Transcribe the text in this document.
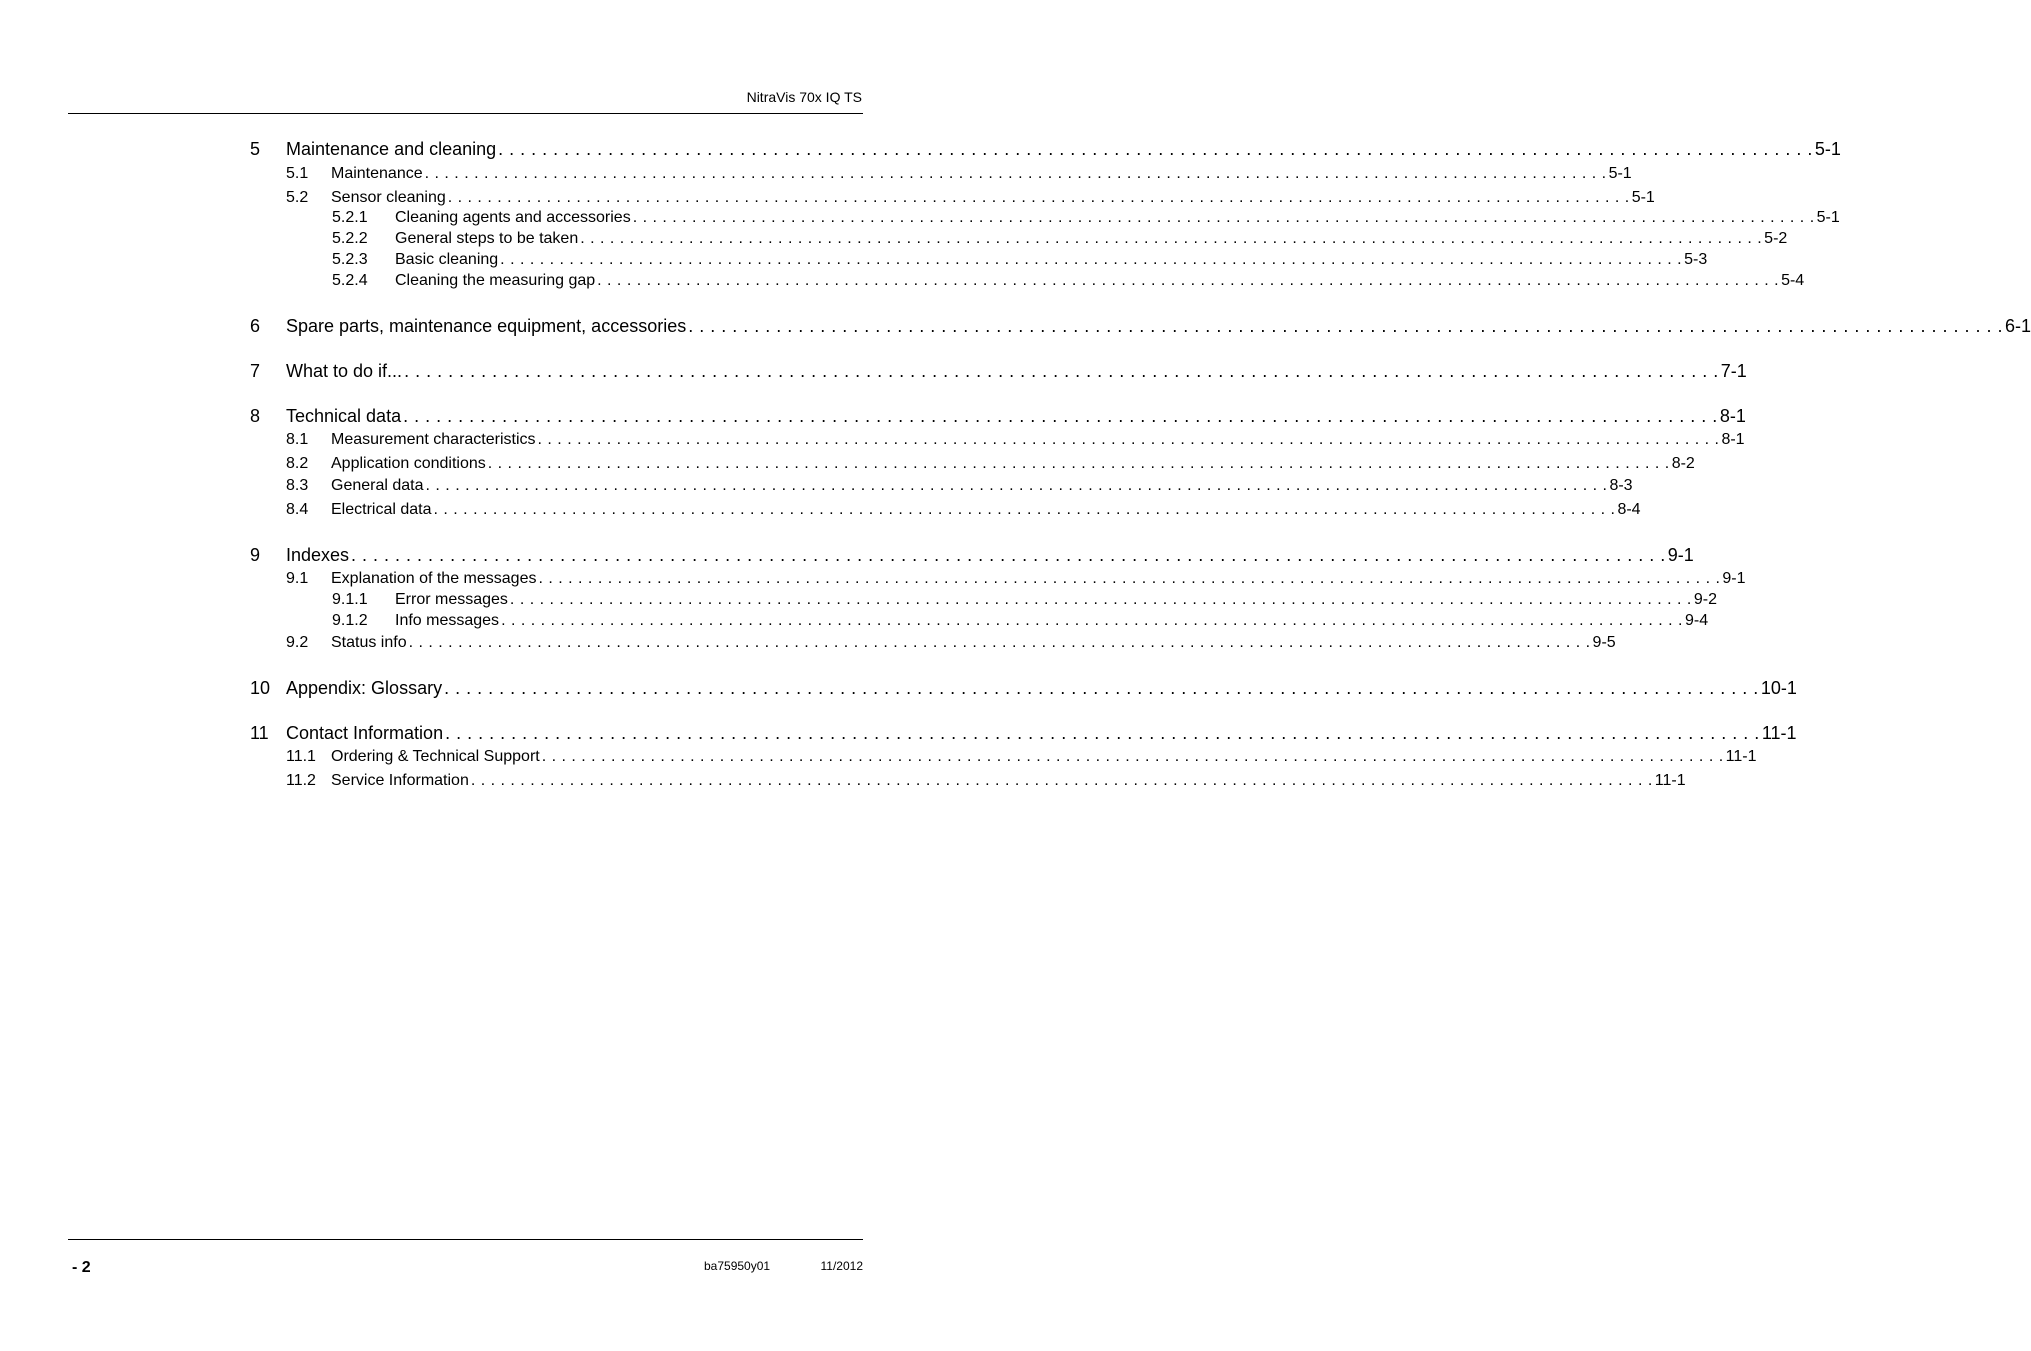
NitraVis 70x IQ TS
5	Maintenance and cleaning . . . . . . . . . . . . . . . . . . . . . . . . . . . . . . . . . . . . . . . . . . . . . . . . . . . . . . . . . . . . . . . . . . . . . . . . . . . . . . . . . . . . . . . . . . . . . . . . . . . . . . . . . . . . . . . . . . . . . . . . 5-1
5.1	Maintenance . . . . . . . . . . . . . . . . . . . . . . . . . . . . . . . . . . . . . . . . . . . . . . . . . . . . . . . . . . . . . . . . . . . . . . . . . . . . . . . . . . . . . . . . . . . . . . . . . . . . . . . . . . . . . . . . . . . . . . . . 5-1
5.2	Sensor cleaning . . . . . . . . . . . . . . . . . . . . . . . . . . . . . . . . . . . . . . . . . . . . . . . . . . . . . . . . . . . . . . . . . . . . . . . . . . . . . . . . . . . . . . . . . . . . . . . . . . . . . . . . . . . . . . . . . . . . . . . . 5-1
5.2.1	Cleaning agents and accessories . . . . . . . . . . . . . . . . . . . . . . . . . . . . . . . . . . . . . . . . . . . . . . . . . . . . . . . . . . . . . . . . . . . . . . . . . . . . . . . . . . . . . . . . . . . . . . . . . . . . . . . . . . . . . . . . . . . . . . . . 5-1
5.2.2	General steps to be taken . . . . . . . . . . . . . . . . . . . . . . . . . . . . . . . . . . . . . . . . . . . . . . . . . . . . . . . . . . . . . . . . . . . . . . . . . . . . . . . . . . . . . . . . . . . . . . . . . . . . . . . . . . . . . . . . . . . . . . . . 5-2
5.2.3	Basic cleaning . . . . . . . . . . . . . . . . . . . . . . . . . . . . . . . . . . . . . . . . . . . . . . . . . . . . . . . . . . . . . . . . . . . . . . . . . . . . . . . . . . . . . . . . . . . . . . . . . . . . . . . . . . . . . . . . . . . . . . . . 5-3
5.2.4	Cleaning the measuring gap . . . . . . . . . . . . . . . . . . . . . . . . . . . . . . . . . . . . . . . . . . . . . . . . . . . . . . . . . . . . . . . . . . . . . . . . . . . . . . . . . . . . . . . . . . . . . . . . . . . . . . . . . . . . . . . . . . . . . . . . 5-4
6	Spare parts, maintenance equipment, accessories . . . . . . . . . . . . . . . . . . . . . . . . . . . . . . . . . . . . . . . . . . . . . . . . . . . . . . . . . . . . . . . . . . . . . . . . . . . . . . . . . . . . . . . . . . . . . . . . . . . . . . . . . . . . . . . . . . . . . . . . 6-1
7	What to do if... . . . . . . . . . . . . . . . . . . . . . . . . . . . . . . . . . . . . . . . . . . . . . . . . . . . . . . . . . . . . . . . . . . . . . . . . . . . . . . . . . . . . . . . . . . . . . . . . . . . . . . . . . . . . . . . . . . . . . . . . 7-1
8	Technical data . . . . . . . . . . . . . . . . . . . . . . . . . . . . . . . . . . . . . . . . . . . . . . . . . . . . . . . . . . . . . . . . . . . . . . . . . . . . . . . . . . . . . . . . . . . . . . . . . . . . . . . . . . . . . . . . . . . . . . . . 8-1
8.1	Measurement characteristics . . . . . . . . . . . . . . . . . . . . . . . . . . . . . . . . . . . . . . . . . . . . . . . . . . . . . . . . . . . . . . . . . . . . . . . . . . . . . . . . . . . . . . . . . . . . . . . . . . . . . . . . . . . . . . . . . . . . . . . . 8-1
8.2	Application conditions . . . . . . . . . . . . . . . . . . . . . . . . . . . . . . . . . . . . . . . . . . . . . . . . . . . . . . . . . . . . . . . . . . . . . . . . . . . . . . . . . . . . . . . . . . . . . . . . . . . . . . . . . . . . . . . . . . . . . . . . 8-2
8.3	General data . . . . . . . . . . . . . . . . . . . . . . . . . . . . . . . . . . . . . . . . . . . . . . . . . . . . . . . . . . . . . . . . . . . . . . . . . . . . . . . . . . . . . . . . . . . . . . . . . . . . . . . . . . . . . . . . . . . . . . . . 8-3
8.4	Electrical data . . . . . . . . . . . . . . . . . . . . . . . . . . . . . . . . . . . . . . . . . . . . . . . . . . . . . . . . . . . . . . . . . . . . . . . . . . . . . . . . . . . . . . . . . . . . . . . . . . . . . . . . . . . . . . . . . . . . . . . . 8-4
9	Indexes . . . . . . . . . . . . . . . . . . . . . . . . . . . . . . . . . . . . . . . . . . . . . . . . . . . . . . . . . . . . . . . . . . . . . . . . . . . . . . . . . . . . . . . . . . . . . . . . . . . . . . . . . . . . . . . . . . . . . . . . 9-1
9.1	Explanation of the messages . . . . . . . . . . . . . . . . . . . . . . . . . . . . . . . . . . . . . . . . . . . . . . . . . . . . . . . . . . . . . . . . . . . . . . . . . . . . . . . . . . . . . . . . . . . . . . . . . . . . . . . . . . . . . . . . . . . . . . . . 9-1
9.1.1	Error messages . . . . . . . . . . . . . . . . . . . . . . . . . . . . . . . . . . . . . . . . . . . . . . . . . . . . . . . . . . . . . . . . . . . . . . . . . . . . . . . . . . . . . . . . . . . . . . . . . . . . . . . . . . . . . . . . . . . . . . . . 9-2
9.1.2	Info messages . . . . . . . . . . . . . . . . . . . . . . . . . . . . . . . . . . . . . . . . . . . . . . . . . . . . . . . . . . . . . . . . . . . . . . . . . . . . . . . . . . . . . . . . . . . . . . . . . . . . . . . . . . . . . . . . . . . . . . . . 9-4
9.2	Status info . . . . . . . . . . . . . . . . . . . . . . . . . . . . . . . . . . . . . . . . . . . . . . . . . . . . . . . . . . . . . . . . . . . . . . . . . . . . . . . . . . . . . . . . . . . . . . . . . . . . . . . . . . . . . . . . . . . . . . . . 9-5
10 Appendix: Glossary . . . . . . . . . . . . . . . . . . . . . . . . . . . . . . . . . . . . . . . . . . . . . . . . . . . . . . . . . . . . . . . . . . . . . . . . . . . . . . . . . . . . . . . . . . . . . . . . . . . . . . . . . . . . . . . . . . . . . . . . 10-1
11 Contact Information . . . . . . . . . . . . . . . . . . . . . . . . . . . . . . . . . . . . . . . . . . . . . . . . . . . . . . . . . . . . . . . . . . . . . . . . . . . . . . . . . . . . . . . . . . . . . . . . . . . . . . . . . . . . . . . . . . . . . . . . 11-1
11.1 Ordering & Technical Support . . . . . . . . . . . . . . . . . . . . . . . . . . . . . . . . . . . . . . . . . . . . . . . . . . . . . . . . . . . . . . . . . . . . . . . . . . . . . . . . . . . . . . . . . . . . . . . . . . . . . . . . . . . . . . . . . . . . . . . . 11-1
11.2 Service Information . . . . . . . . . . . . . . . . . . . . . . . . . . . . . . . . . . . . . . . . . . . . . . . . . . . . . . . . . . . . . . . . . . . . . . . . . . . . . . . . . . . . . . . . . . . . . . . . . . . . . . . . . . . . . . . . . . . . . . . . 11-1
- 2	ba75950y01	11/2012
